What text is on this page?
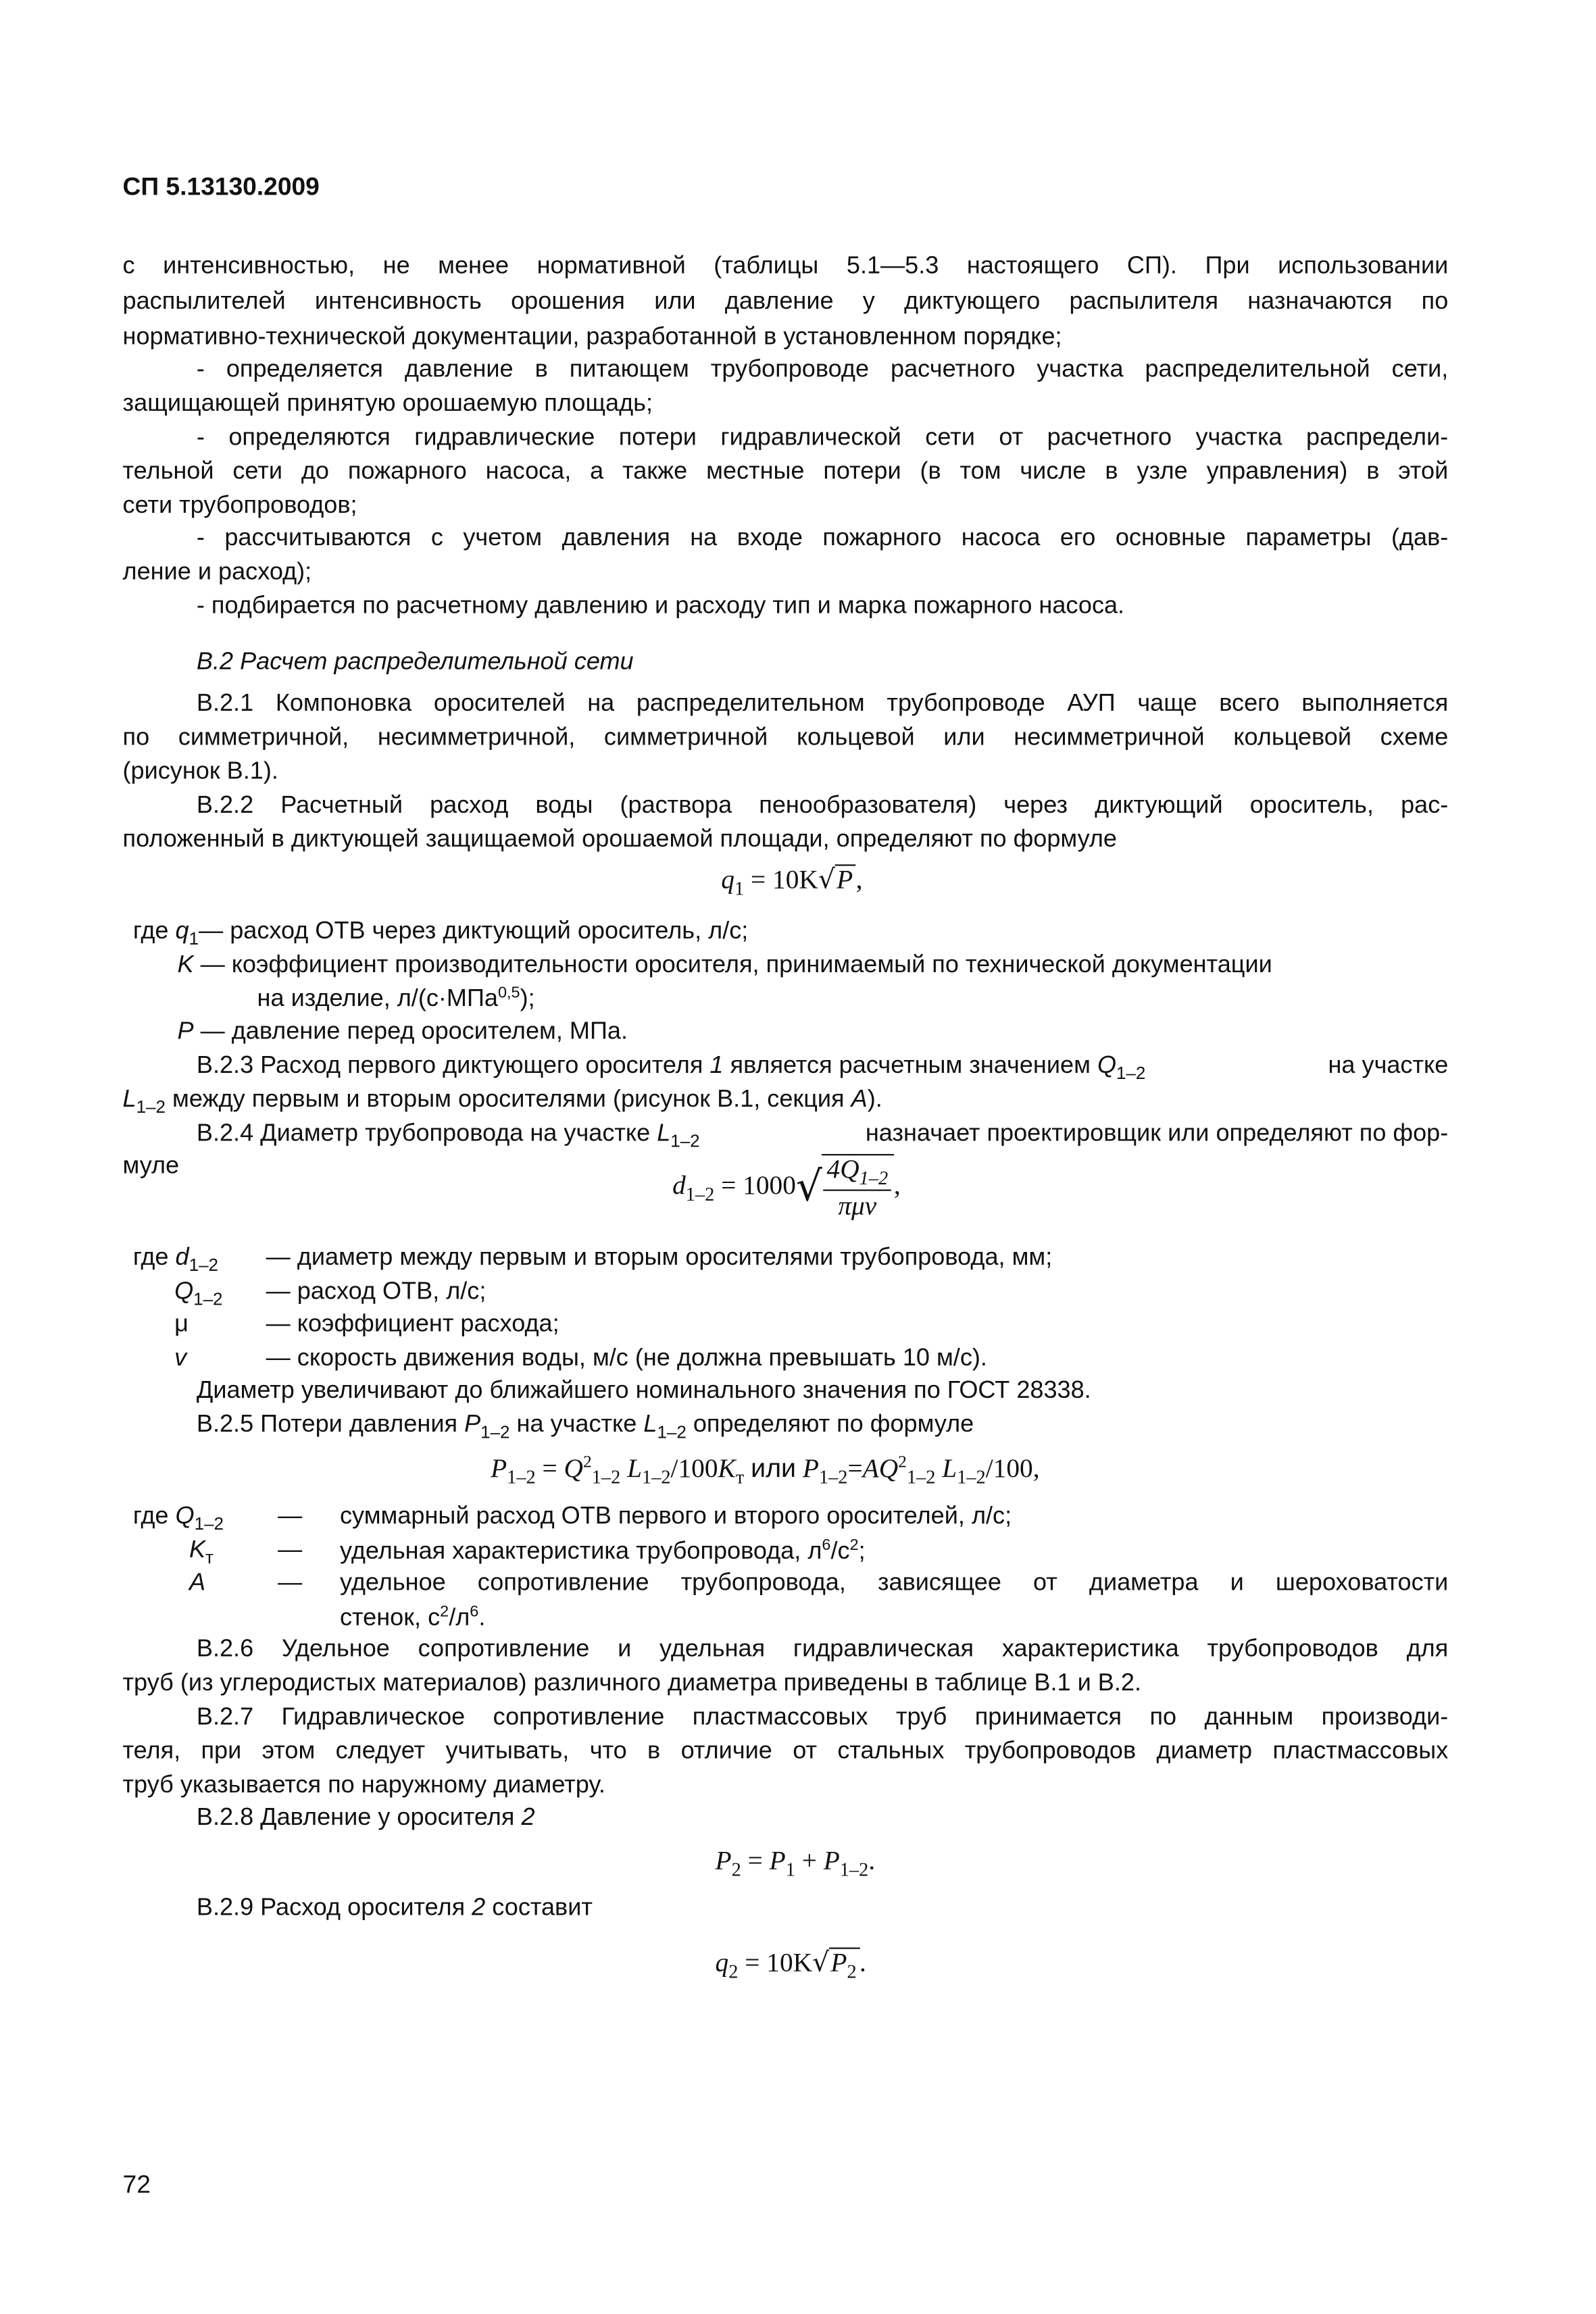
СП 5.13130.2009
с интенсивностью, не менее нормативной (таблицы 5.1—5.3 настоящего СП). При использовании
распылителей интенсивность орошения или давление у диктующего распылителя назначаются по
нормативно-технической документации, разработанной в установленном порядке;
- определяется давление в питающем трубопроводе расчетного участка распределительной сети,
защищающей принятую орошаемую площадь;
- определяются гидравлические потери гидравлической сети от расчетного участка распредели-
тельной сети до пожарного насоса, а также местные потери (в том числе в узле управления) в этой
сети трубопроводов;
- рассчитываются с учетом давления на входе пожарного насоса его основные параметры (дав-
ление и расход);
- подбирается по расчетному давлению и расходу тип и марка пожарного насоса.
В.2 Расчет распределительной сети
В.2.1 Компоновка оросителей на распределительном трубопроводе АУП чаще всего выполняется
по симметричной, несимметричной, симметричной кольцевой или несимметричной кольцевой схеме
(рисунок В.1).
В.2.2 Расчетный расход воды (раствора пенообразователя) через диктующий ороситель, рас-
положенный в диктующей защищаемой орошаемой площади, определяют по формуле
$q_1 = 10K√$ P ,
где $q_1—$ расход ОТВ через диктующий ороситель, л/с;
K — коэффициент производительности оросителя, принимаемый по технической документации
на изделие, л/(с·МПа$^{0,5}$);
P — давление перед оросителем, МПа.
В.2.3 Расход первого диктующего оросителя 1 является расчетным значением $Q_{1-2}$	на участке
$L_{1-2}$ между первым и вторым оросителями (рисунок В.1, секция А).
В.2.4 Диаметр трубопровода на участке $L_{1-2}$	назначает проектировщик или определяют по фор-
муле
$d_{1-2} = 1000√ \frac{4Q_{1-2}}{\text{πμv}}$ ,
где $d_{1-2}$	— диаметр между первым и вторым оросителями трубопровода, мм;
$Q_{1-2}$	— расход ОТВ, л/с;
μ	— коэффициент расхода;
v	— скорость движения воды, м/с (не должна превышать 10 м/с).
Диаметр увеличивают до ближайшего номинального значения по ГОСТ 28338.
В.2.5 Потери давления $P_{1-2}$ на участке $L_{1-2}$ определяют по формуле
$P_{1-2} = Q^2_{1-2}$ $L_{1-2}/100K_т$ или $P_{1-2}=AQ^2_{1-2}$ $L_{1-2}/100$,
где $Q_{1-2}$	—	суммарный расход ОТВ первого и второго оросителей, л/с;
$K_т$	—	удельная характеристика трубопровода, $л^6/с^2$;
А	—	удельное сопротивление трубопровода, зависящее от диаметра и шероховатости
стенок, $с^2/л^6$.
В.2.6 Удельное сопротивление и удельная гидравлическая характеристика трубопроводов для
труб (из углеродистых материалов) различного диаметра приведены в таблице В.1 и В.2.
В.2.7 Гидравлическое сопротивление пластмассовых труб принимается по данным производи-
теля, при этом следует учитывать, что в отличие от стальных трубопроводов диаметр пластмассовых
труб указывается по наружному диаметру.
В.2.8 Давление у оросителя 2
$P_2 = P_1 + P_{1-2}$.
В.2.9 Расход оросителя 2 составит
$q_2 = 10K√$ $P_2$ .
72
